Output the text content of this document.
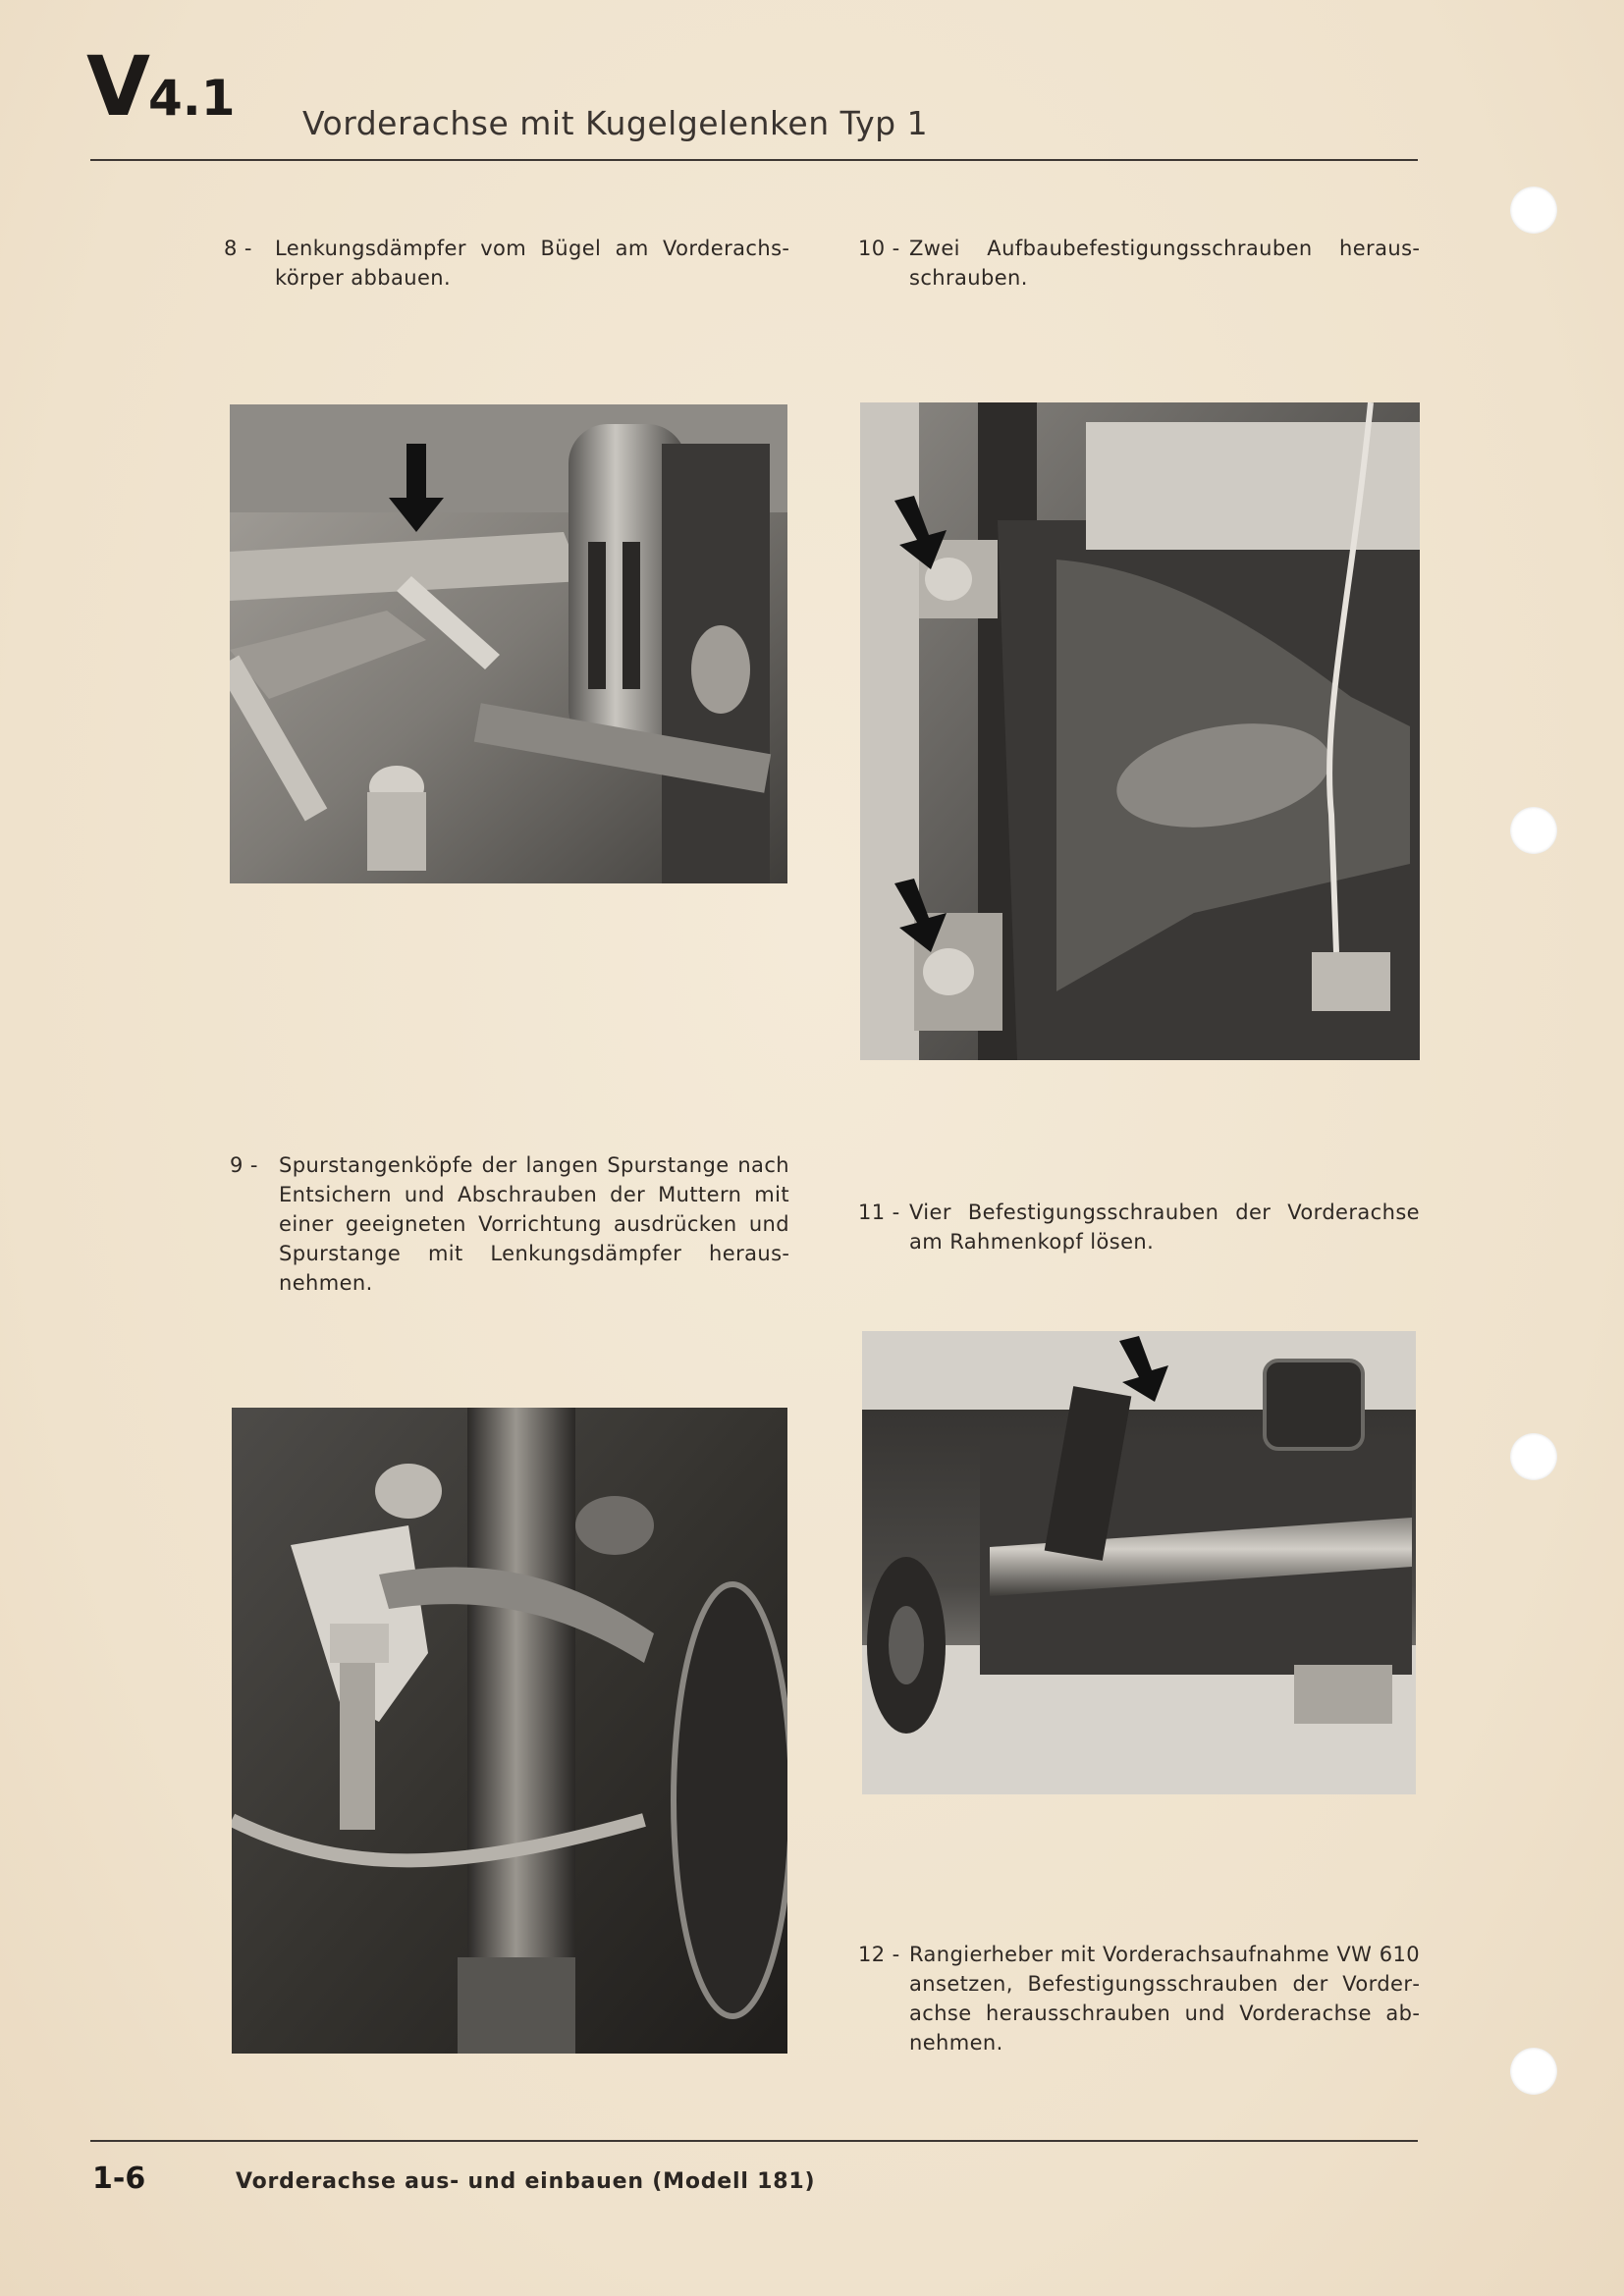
V4.1 Vorderachse mit Kugelgelenken Typ 1
8 - Lenkungsdämpfer vom Bügel am Vorderachskörper abbauen.
10 - Zwei Aufbaubefestigungsschrauben herausschrauben.
9 - Spurstangenköpfe der langen Spurstange nach Entsichern und Abschrauben der Muttern mit einer geeigneten Vorrichtung ausdrücken und Spurstange mit Lenkungsdämpfer herausnehmen.
11 - Vier Befestigungsschrauben der Vorderachse am Rahmenkopf lösen.
12 - Rangierheber mit Vorderachsaufnahme VW 610 ansetzen, Befestigungsschrauben der Vorderachse herausschrauben und Vorderachse abnehmen.
1-6	Vorderachse aus- und einbauen (Modell 181)
